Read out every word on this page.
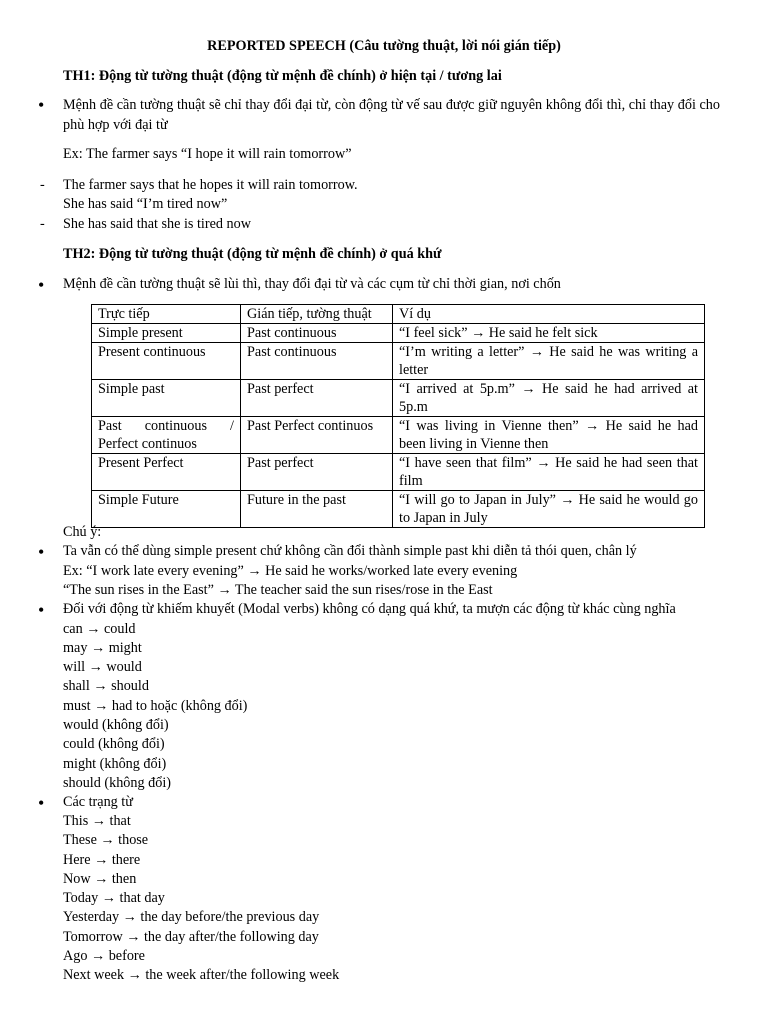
REPORTED SPEECH (Câu tường thuật, lời nói gián tiếp)
TH1: Động từ tường thuật (động từ mệnh đề chính) ở hiện tại / tương lai
• Mệnh đề cần tường thuật sẽ chỉ thay đổi đại từ, còn động từ vế sau được giữ nguyên không đổi thì, chỉ thay đổi cho phù hợp với đại từ
Ex: The farmer says “I hope it will rain tomorrow”
- The farmer says that he hopes it will rain tomorrow.
She has said “I’m tired now”
- She has said that she is tired now
TH2: Động từ tường thuật (động từ mệnh đề chính) ở quá khứ
• Mệnh đề cần tường thuật sẽ lùi thì, thay đổi đại từ và các cụm từ chỉ thời gian, nơi chốn
Trực tiếp	Gián tiếp, tường thuật	Ví dụ
Simple present	Past continuous	“I feel sick” → He said he felt sick
Present continuous	Past continuous	“I’m writing a letter” → He said he was writing a letter
Simple past	Past perfect	“I arrived at 5p.m” → He said he had arrived at 5p.m
Past continuous / Perfect continuos	Past Perfect continuos	“I was living in Vienne then” → He said he had been living in Vienne then
Present Perfect	Past perfect	“I have seen that film” → He said he had seen that film
Simple Future	Future in the past	“I will go to Japan in July” → He said he would go to Japan in July
Chú ý:
• Ta vẫn có thể dùng simple present chứ không cần đổi thành simple past khi diễn tả thói quen, chân lý
Ex: “I work late every evening” → He said he works/worked late every evening
“The sun rises in the East” → The teacher said the sun rises/rose in the East
• Đối với động từ khiếm khuyết (Modal verbs) không có dạng quá khứ, ta mượn các động từ khác cùng nghĩa
can → could
may → might
will → would
shall → should
must → had to hoặc (không đổi)
would (không đổi)
could (không đổi)
might (không đổi)
should (không đổi)
• Các trạng từ
This → that
These → those
Here → there
Now → then
Today → that day
Yesterday → the day before/the previous day
Tomorrow → the day after/the following day
Ago → before
Next week → the week after/the following week
